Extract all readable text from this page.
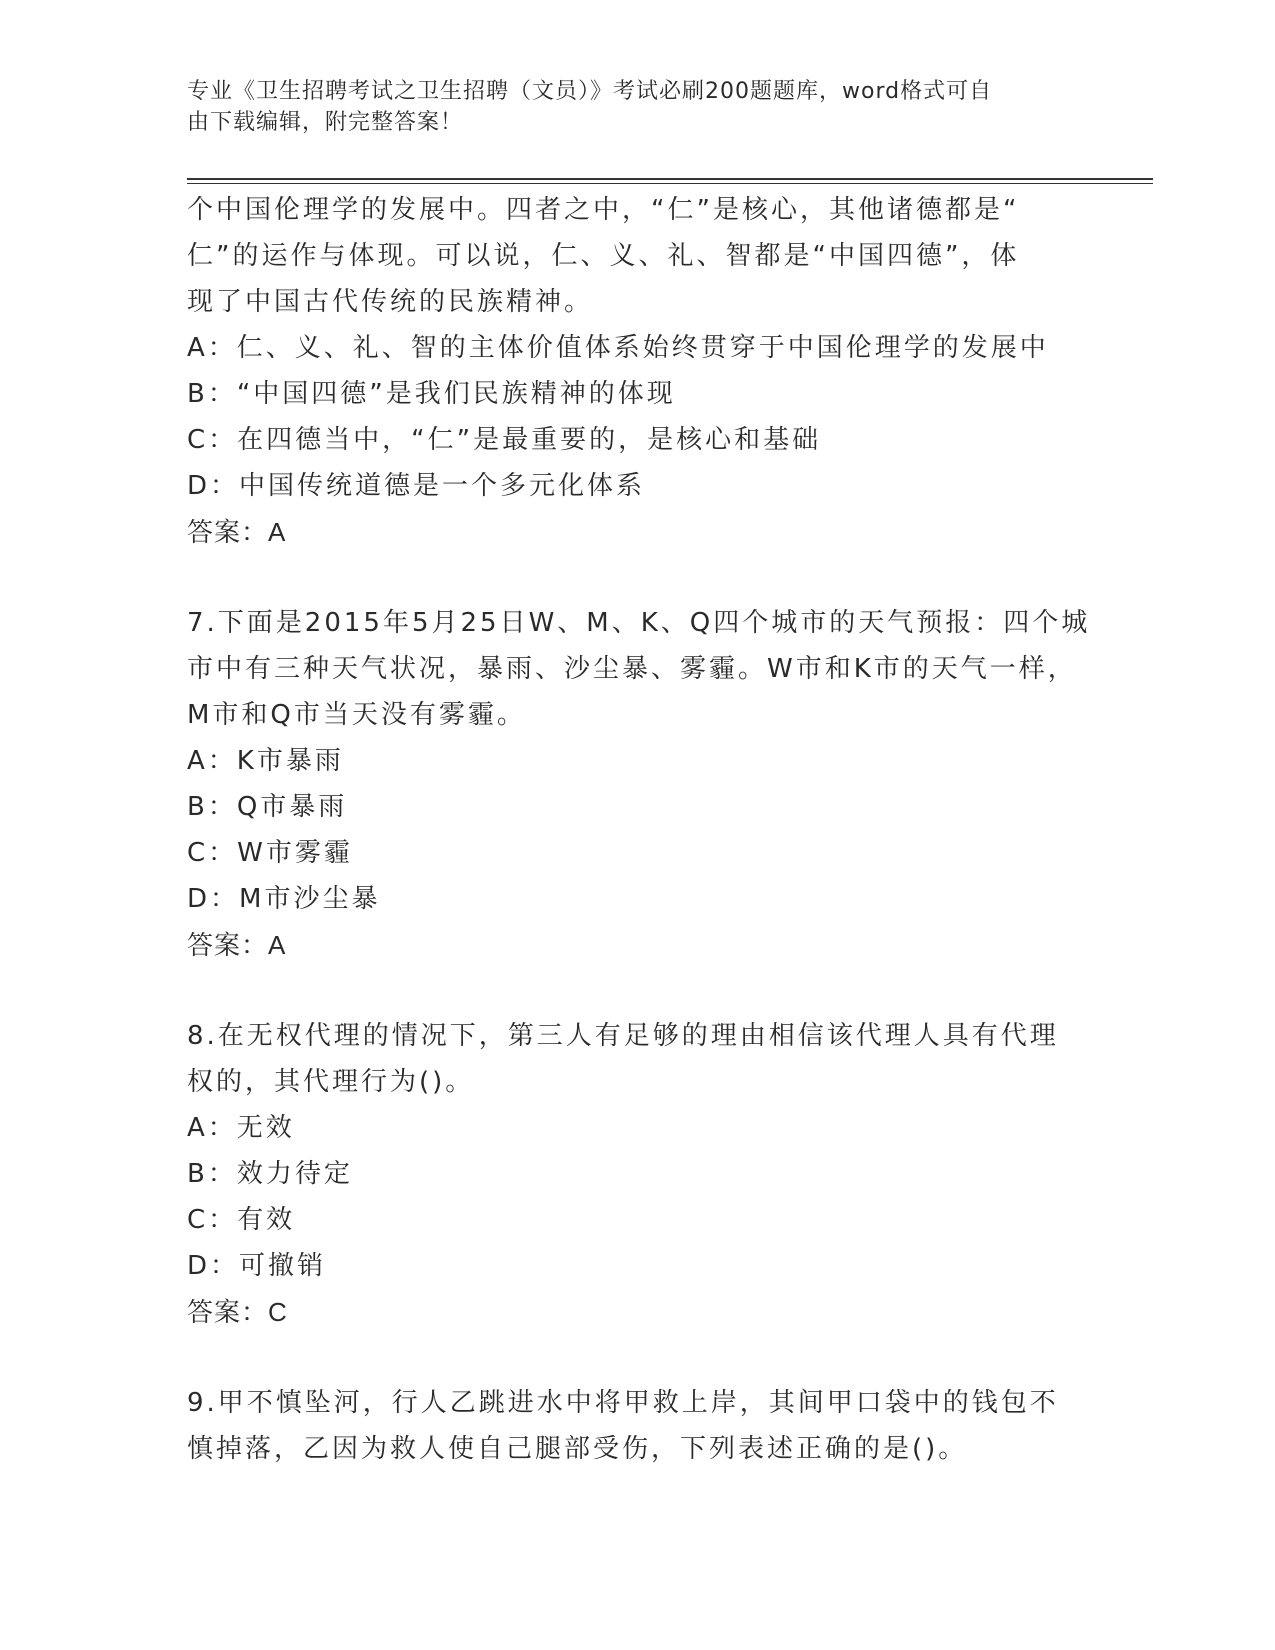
专业《卫生招聘考试之卫生招聘（文员）》考试必刷200题题库，word格式可自
由下载编辑，附完整答案！
个中国伦理学的发展中。四者之中，“仁”是核心，其他诸德都是“
仁”的运作与体现。可以说，仁、义、礼、智都是“中国四德”，体
现了中国古代传统的民族精神。
A：仁、义、礼、智的主体价值体系始终贯穿于中国伦理学的发展中
B：“中国四德”是我们民族精神的体现
C：在四德当中，“仁”是最重要的，是核心和基础
D：中国传统道德是一个多元化体系
答案：A
7.下面是2015年5月25日W、M、K、Q四个城市的天气预报：四个城
市中有三种天气状况，暴雨、沙尘暴、雾霾。W市和K市的天气一样，
M市和Q市当天没有雾霾。
A：K市暴雨
B：Q市暴雨
C：W市雾霾
D：M市沙尘暴
答案：A
8.在无权代理的情况下，第三人有足够的理由相信该代理人具有代理
权的，其代理行为()。
A：无效
B：效力待定
C：有效
D：可撤销
答案：C
9.甲不慎坠河，行人乙跳进水中将甲救上岸，其间甲口袋中的钱包不
慎掉落，乙因为救人使自己腿部受伤，下列表述正确的是()。
